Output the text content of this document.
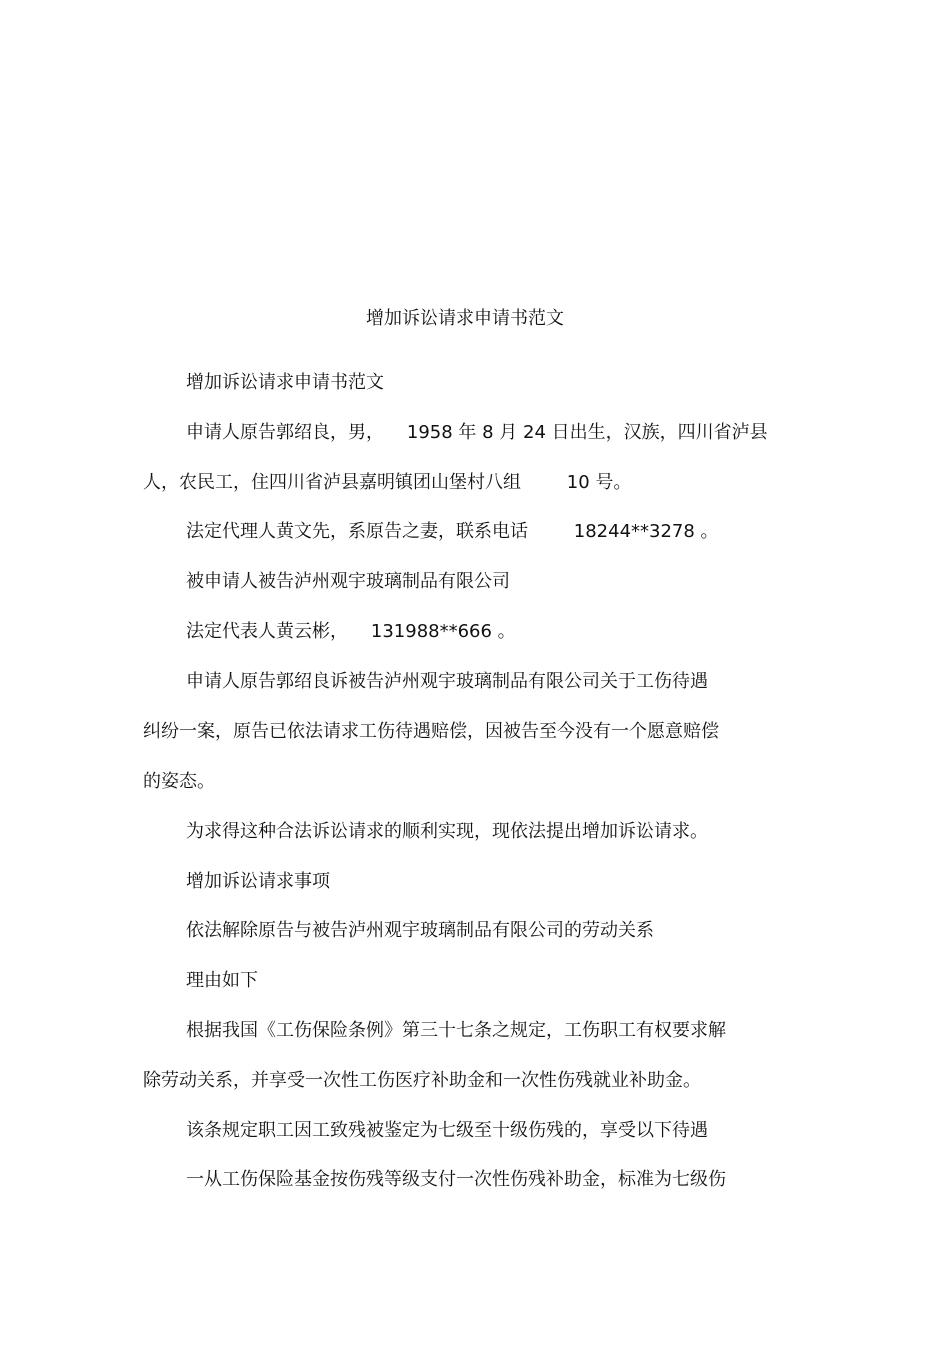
增加诉讼请求申请书范文
增加诉讼请求申请书范文
申请人原告郭绍良，男，    1958 年 8 月 24 日出生，汉族，四川省泸县
人，农民工，住四川省泸县嘉明镇团山堡村八组        10 号。
法定代理人黄文先，系原告之妻，联系电话        18244**3278 。
被申请人被告泸州观宇玻璃制品有限公司
法定代表人黄云彬，    131988**666 。
申请人原告郭绍良诉被告泸州观宇玻璃制品有限公司关于工伤待遇
纠纷一案，原告已依法请求工伤待遇赔偿，因被告至今没有一个愿意赔偿
的姿态。
为求得这种合法诉讼请求的顺利实现，现依法提出增加诉讼请求。
增加诉讼请求事项
依法解除原告与被告泸州观宇玻璃制品有限公司的劳动关系
理由如下
根据我国《工伤保险条例》第三十七条之规定，工伤职工有权要求解
除劳动关系，并享受一次性工伤医疗补助金和一次性伤残就业补助金。
该条规定职工因工致残被鉴定为七级至十级伤残的，享受以下待遇
一从工伤保险基金按伤残等级支付一次性伤残补助金，标准为七级伤
